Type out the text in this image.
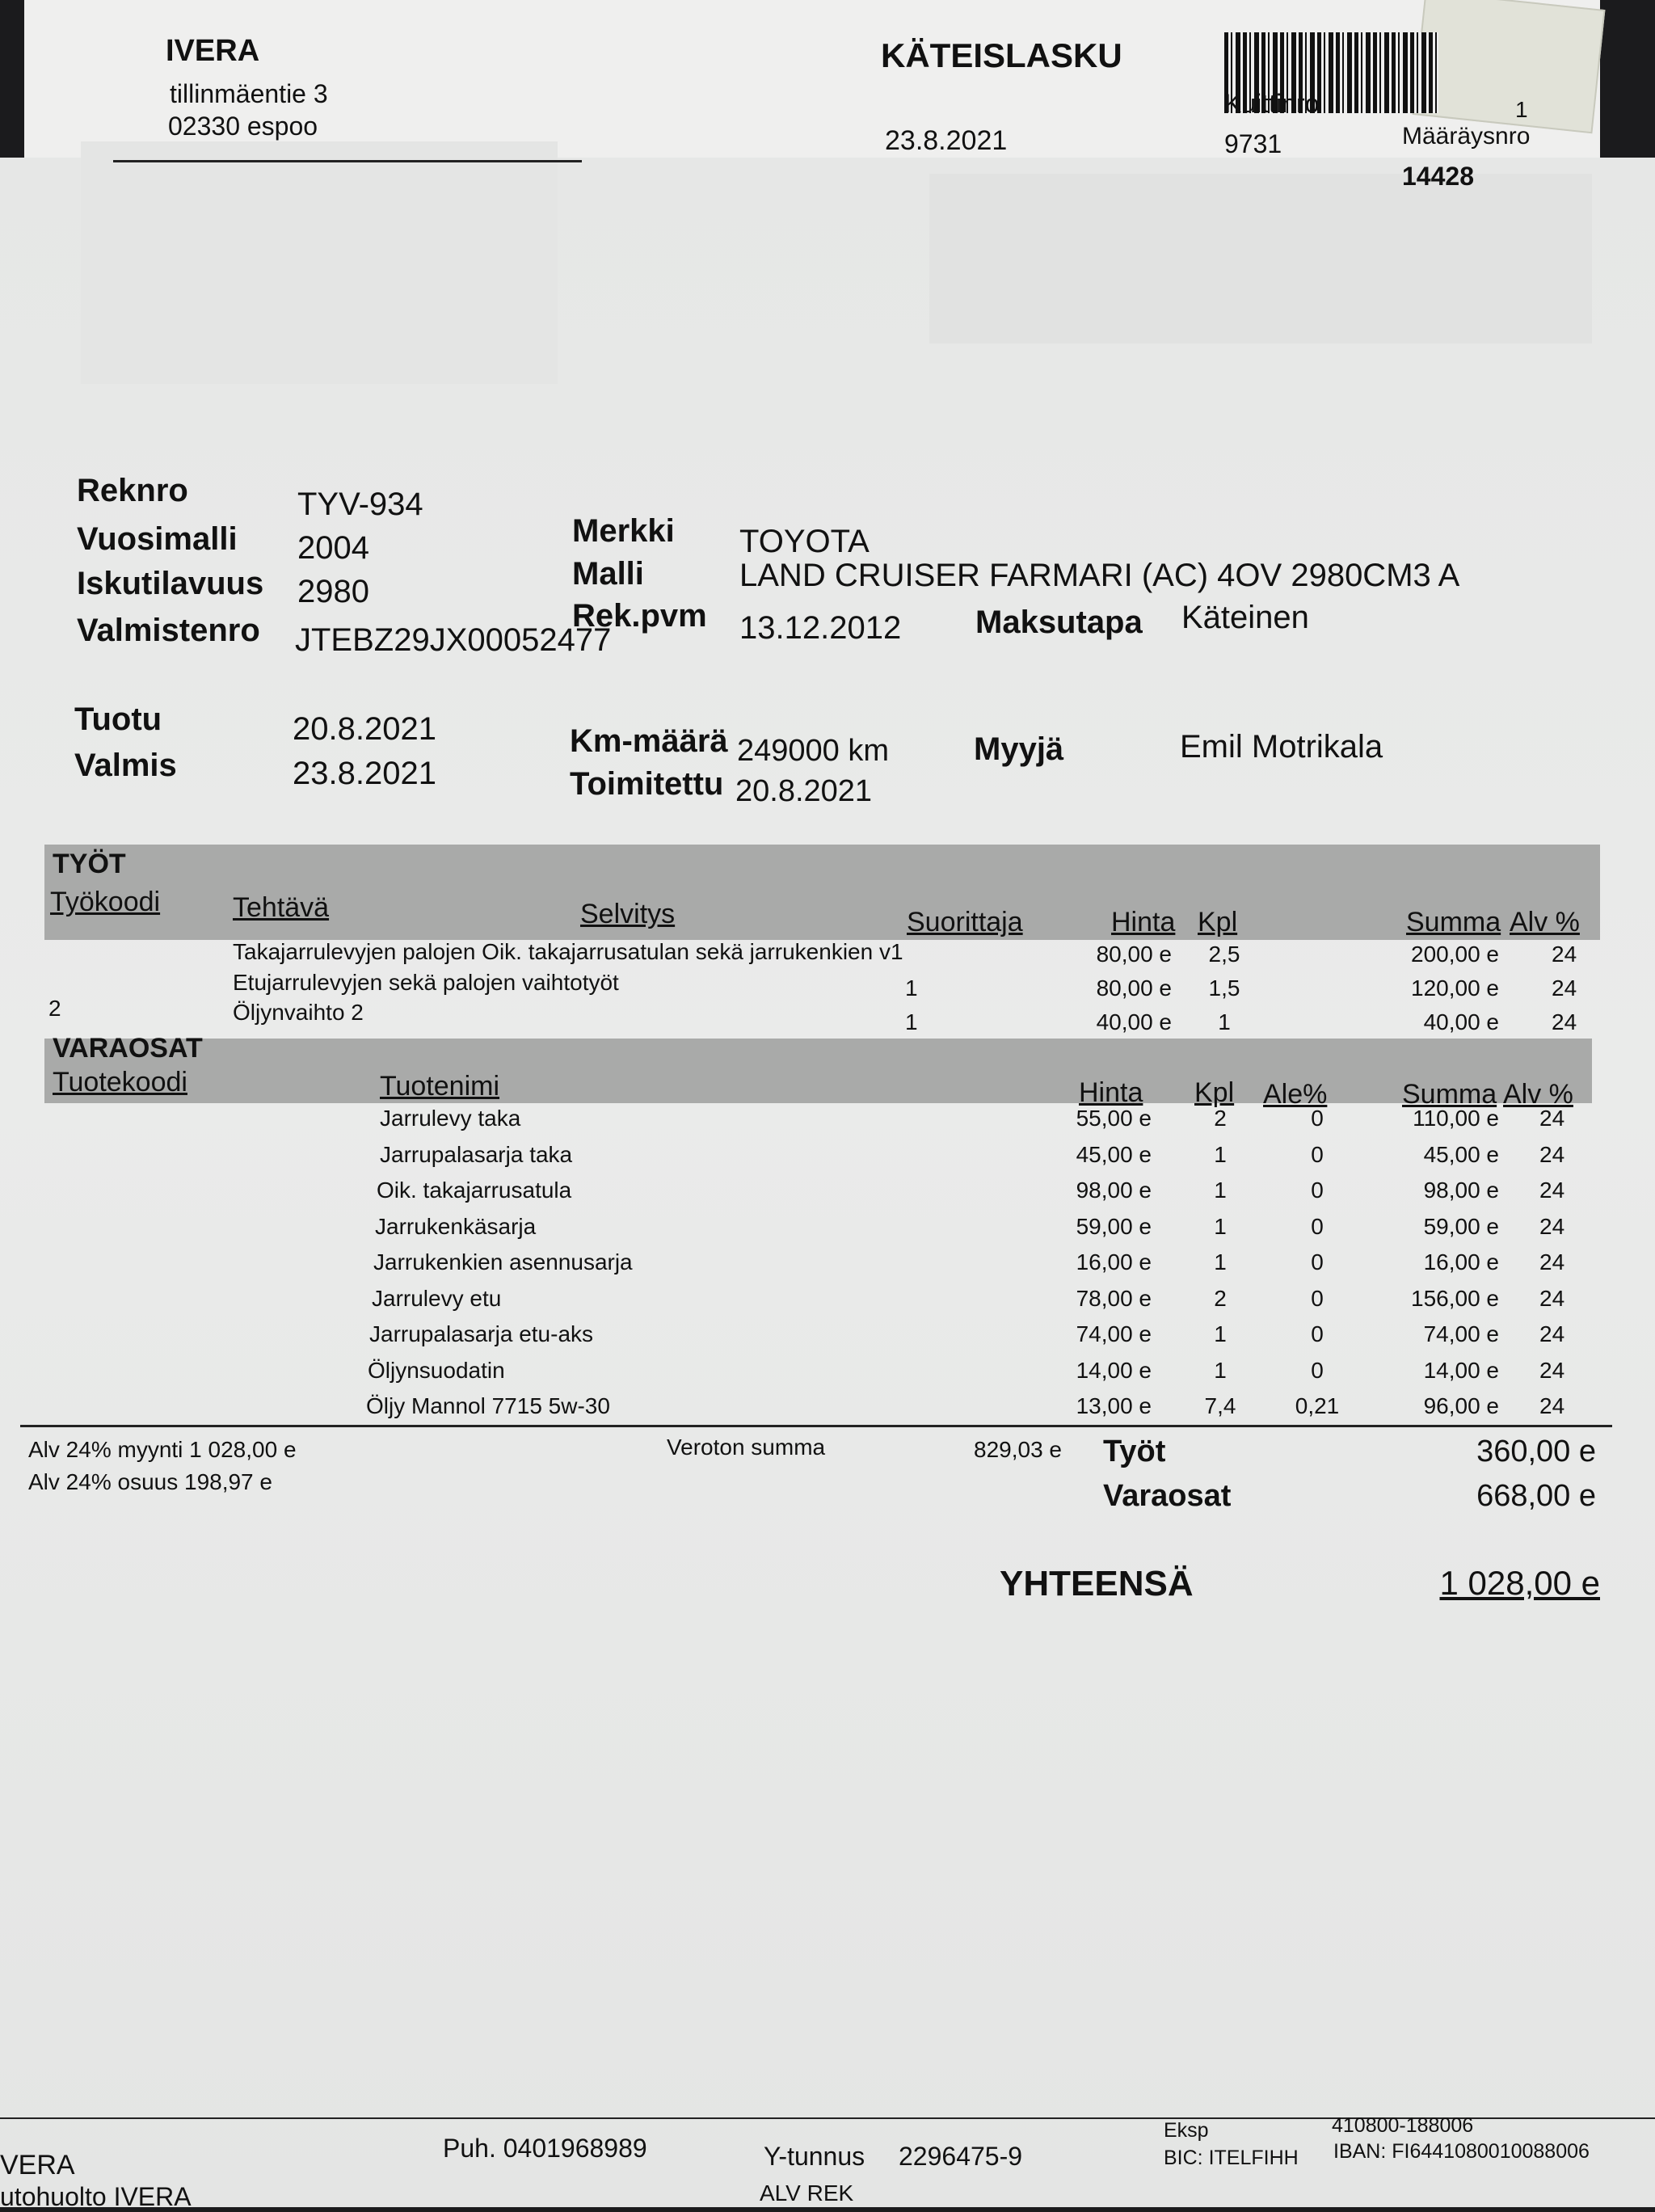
IVERA
tillinmäentie 3
02330 espoo
KÄTEISLASKU
23.8.2021
Kuittinro
9731	Määräysnro
14428
1
Reknro	TYV-934
Vuosimalli 2004
Iskutilavuus 2980
Valmistenro JTEBZ29JX00052477
Merkki TOYOTA
Malli	LAND CRUISER FARMARI (AC) 4OV 2980CM3 A
Rek.pvm 13.12.2012 Maksutapa Käteinen
Tuotu	20.8.2021
Valmis	23.8.2021
Km-määrä 249000 km
Toimitettu 20.8.2021
Myyjä	Emil Motrikala
TYÖT
Työkoodi	Tehtävä	Selvitys	Suorittaja	Hinta Kpl	Summa Alv %
Takajarrulevyjen palojen Oik. takajarrusatulan sekä jarrukenkien v1	80,00 e	2,5	200,00 e 24
Etujarrulevyjen sekä palojen vaihtotyöt	1	80,00 e	1,5	120,00 e 24
2	Öljynvaihto 2	1	40,00 e	1	40,00 e 24
VARAOSAT
Tuotekoodi	Tuotenimi	Hinta Kpl Ale%	Summa Alv %
Jarrulevy taka	55,00 e	2	0	110,00 e 24
Jarrupalasarja taka	45,00 e	1	0	45,00 e 24
Oik. takajarrusatula	98,00 e	1	0	98,00 e 24
Jarrukenkäsarja	59,00 e	1	0	59,00 e 24
Jarrukenkien asennusarja	16,00 e	1	0	16,00 e 24
Jarrulevy etu	78,00 e	2	0	156,00 e 24
Jarrupalasarja etu-aks	74,00 e	1	0	74,00 e 24
Öljynsuodatin	14,00 e	1	0	14,00 e 24
Öljy Mannol 7715 5w-30	13,00 e	7,4	0,21	96,00 e 24
Alv 24% myynti 1 028,00 e
Alv 24% osuus 198,97 e
Veroton summa	829,03 e Työt	360,00 e
Varaosat	668,00 e
YHTEENSÄ	1 028,00 e
VERA
utohuolto IVERA
Puh. 0401968989	Y-tunnus 2296475-9
ALV REK
Eksp
BIC: ITELFIHH
410800-188006
IBAN: FI6441080010088006
